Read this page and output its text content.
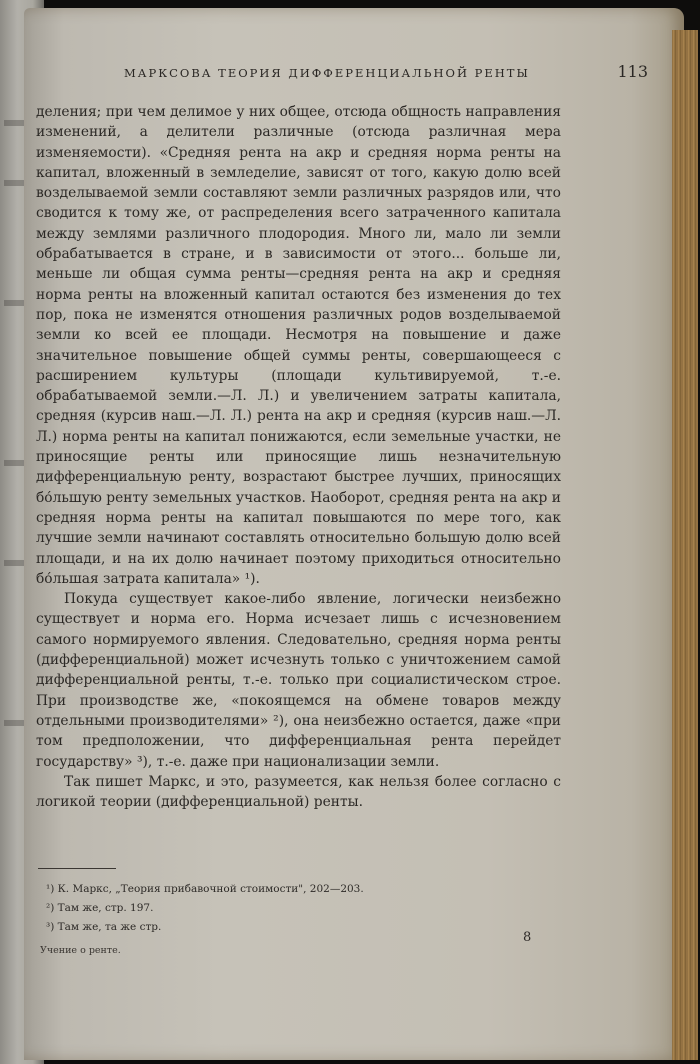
МАРКСОВА ТЕОРИЯ ДИФФЕРЕНЦИАЛЬНОЙ РЕНТЫ	113

деления; при чем делимое у них общее, отсюда общность направления изменений, а делители различные (отсюда различная мера изменяемости). «Средняя рента на акр и средняя норма ренты на капитал, вложенный в земледелие, зависят от того, какую долю всей возделываемой земли составляют земли различных разрядов или, что сводится к тому же, от распределения всего затраченного капитала между землями различного плодородия. Много ли, мало ли земли обрабатывается в стране, и в зависимости от этого... больше ли, меньше ли общая сумма ренты—средняя рента на акр и средняя норма ренты на вложенный капитал остаются без изменения до тех пор, пока не изменятся отношения различных родов возделываемой земли ко всей ее площади. Несмотря на повышение и даже значительное повышение общей суммы ренты, совершающееся с расширением культуры (площади культивируемой, т.-е. обрабатываемой земли.—Л. Л.) и увеличением затраты капитала, средняя (курсив наш.—Л. Л.) рента на акр и средняя (курсив наш.—Л. Л.) норма ренты на капитал понижаются, если земельные участки, не приносящие ренты или приносящие лишь незначительную дифференциальную ренту, возрастают быстрее лучших, приносящих бо́льшую ренту земельных участков. Наоборот, средняя рента на акр и средняя норма ренты на капитал повышаются по мере того, как лучшие земли начинают составлять относительно большую долю всей площади, и на их долю начинает поэтому приходиться относительно бо́льшая затрата капитала» ¹).

Покуда существует какое-либо явление, логически неизбежно существует и норма его. Норма исчезает лишь с исчезновением самого нормируемого явления. Следовательно, средняя норма ренты (дифференциальной) может исчезнуть только с уничтожением самой дифференциальной ренты, т.-е. только при социалистическом строе. При производстве же, «покоящемся на обмене товаров между отдельными производителями» ²), она неизбежно остается, даже «при том предположении, что дифференциальная рента перейдет государству» ³), т.-е. даже при национализации земли.

Так пишет Маркс, и это, разумеется, как нельзя более согласно с логикой теории (дифференциальной) ренты.

¹) К. Маркс, „Теория прибавочной стоимости", 202—203.
²) Там же, стр. 197.
³) Там же, та же стр.
Учение о ренте.
8
